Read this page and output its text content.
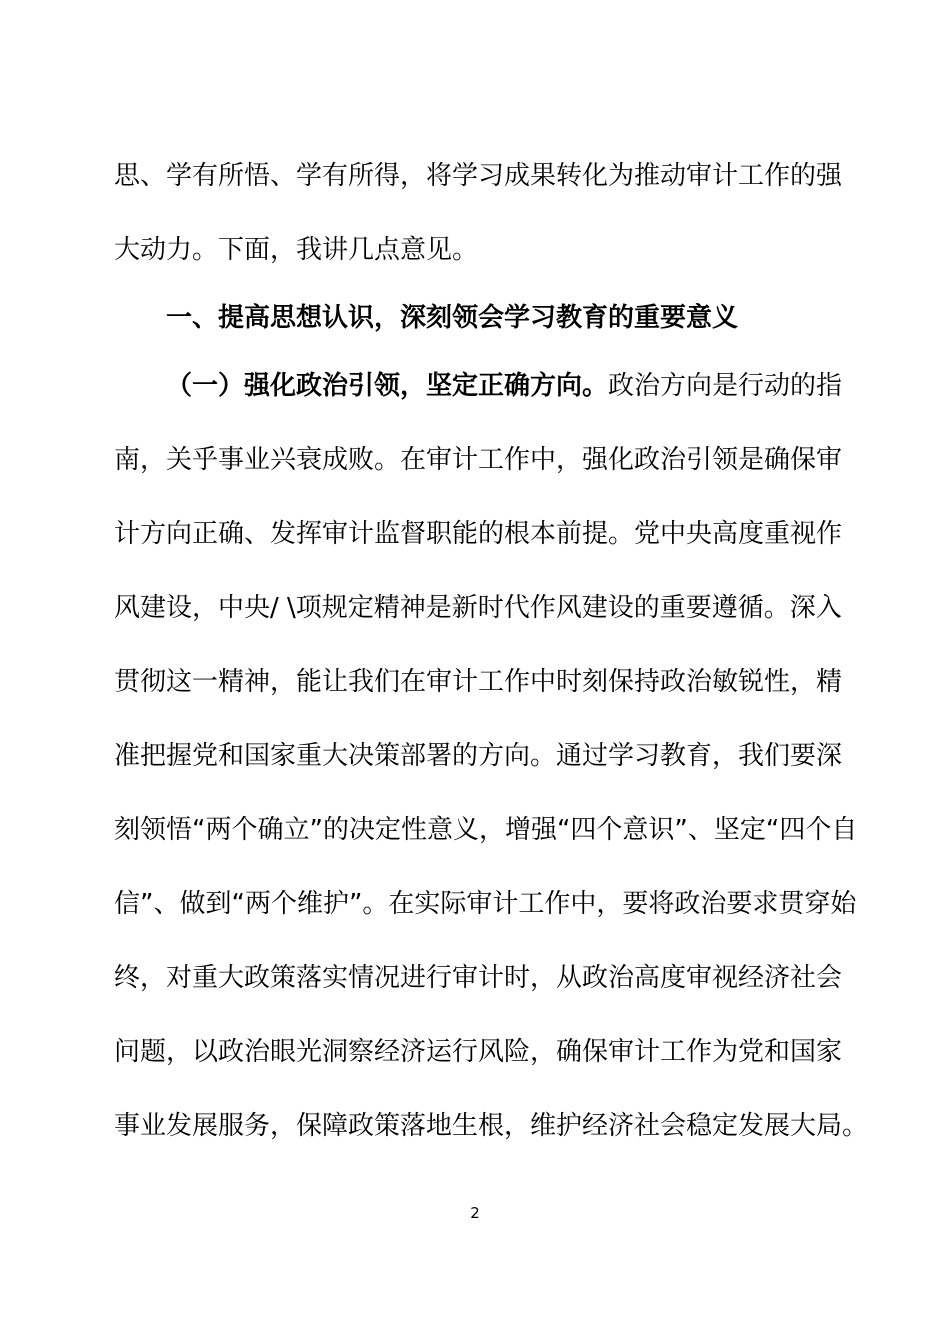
思、学有所悟、学有所得，将学习成果转化为推动审计工作的强
大动力。下面，我讲几点意见。
一、提高思想认识，深刻领会学习教育的重要意义
（一）强化政治引领，坚定正确方向。政治方向是行动的指
南，关乎事业兴衰成败。在审计工作中，强化政治引领是确保审
计方向正确、发挥审计监督职能的根本前提。党中央高度重视作
风建设，中央/ \项规定精神是新时代作风建设的重要遵循。深入
贯彻这一精神，能让我们在审计工作中时刻保持政治敏锐性，精
准把握党和国家重大决策部署的方向。通过学习教育，我们要深
刻领悟“两个确立”的决定性意义，增强“四个意识”、坚定“四个自
信”、做到“两个维护”。在实际审计工作中，要将政治要求贯穿始
终，对重大政策落实情况进行审计时，从政治高度审视经济社会
问题，以政治眼光洞察经济运行风险，确保审计工作为党和国家
事业发展服务，保障政策落地生根，维护经济社会稳定发展大局。
2
